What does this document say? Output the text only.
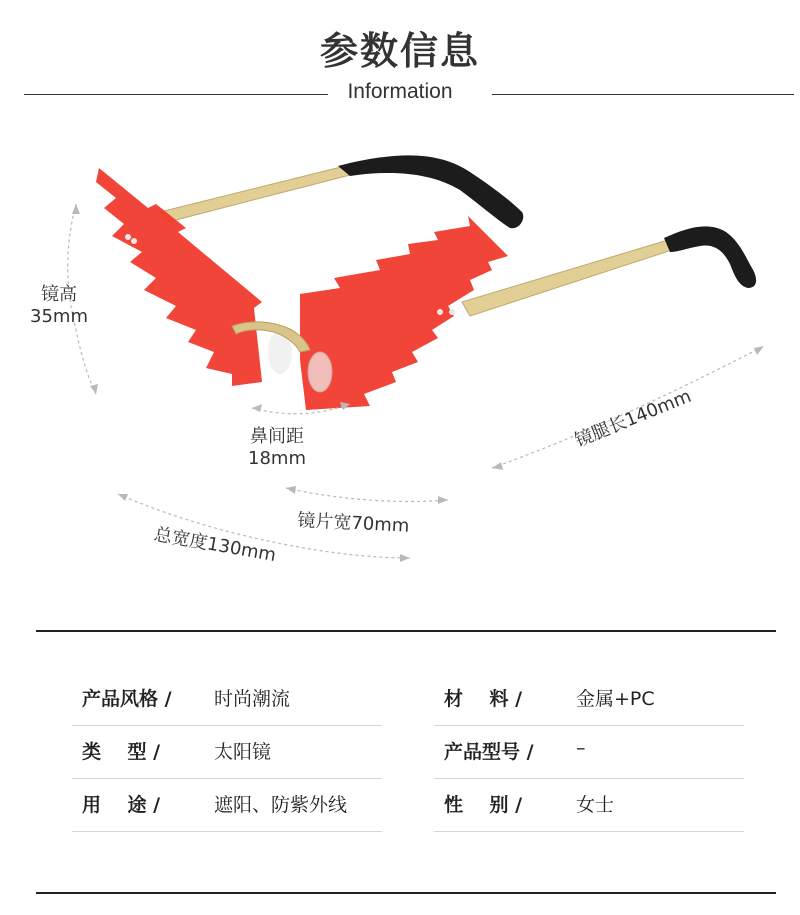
参数信息
Information
镜高
35mm
鼻间距
18mm
镜腿长140mm
镜片宽70mm
总宽度130mm
产品风格 / 时尚潮流	材    料 /	金属+PC
类    型 /	太阳镜	产品型号 / –
用    途 /	遮阳、防紫外线	性    别 /	女士
